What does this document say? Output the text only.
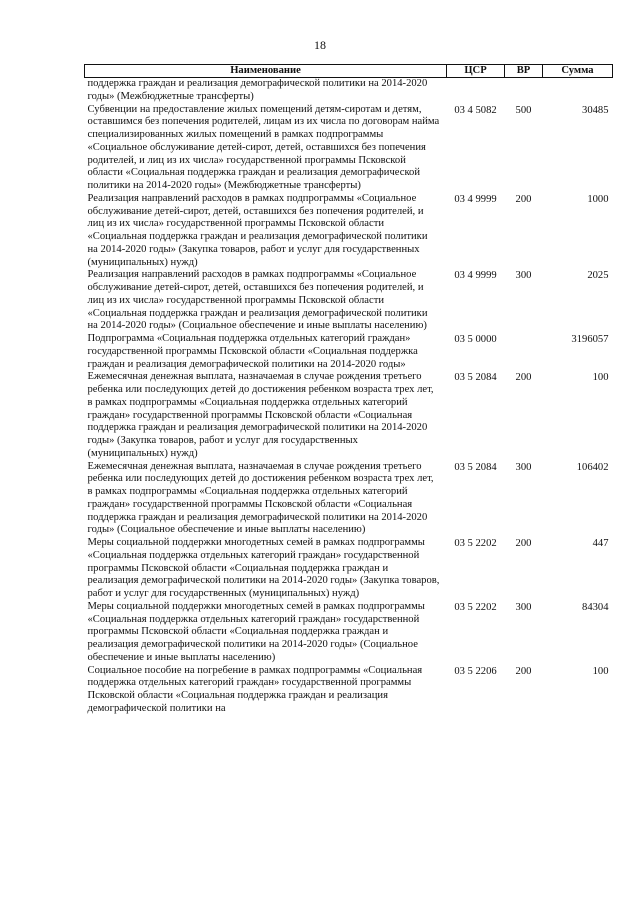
18
Наименование	ЦСР	ВР	Сумма
поддержка граждан и реализация демографической политики на 2014-2020 годы» (Межбюджетные трансферты)			
Субвенции на предоставление жилых помещений детям-сиротам и детям, оставшимся без попечения родителей, лицам из их числа по договорам найма специализированных жилых помещений в рамках подпрограммы «Социальное обслуживание детей-сирот, детей, оставшихся без попечения родителей, и лиц из их числа» государственной программы Псковской области «Социальная поддержка граждан и реализация демографической политики на 2014-2020 годы» (Межбюджетные трансферты)	03 4 5082	500	30485
Реализация направлений расходов в рамках подпрограммы «Социальное обслуживание детей-сирот, детей, оставшихся без попечения родителей, и лиц из их числа» государственной программы Псковской области «Социальная поддержка граждан и реализация демографической политики на 2014-2020 годы» (Закупка товаров, работ и услуг для государственных (муниципальных) нужд)	03 4 9999	200	1000
Реализация направлений расходов в рамках подпрограммы «Социальное обслуживание детей-сирот, детей, оставшихся без попечения родителей, и лиц из их числа» государственной программы Псковской области «Социальная поддержка граждан и реализация демографической политики на 2014-2020 годы» (Социальное обеспечение и иные выплаты населению)	03 4 9999	300	2025
Подпрограмма «Социальная поддержка отдельных категорий граждан» государственной программы Псковской области «Социальная поддержка граждан и реализация демографической политики на 2014-2020 годы»	03 5 0000		3196057
Ежемесячная денежная выплата, назначаемая в случае рождения третьего ребенка или последующих детей до достижения ребенком возраста трех лет, в рамках подпрограммы «Социальная поддержка отдельных категорий граждан» государственной программы Псковской области «Социальная поддержка граждан и реализация демографической политики на 2014-2020 годы» (Закупка товаров, работ и услуг для государственных (муниципальных) нужд)	03 5 2084	200	100
Ежемесячная денежная выплата, назначаемая в случае рождения третьего ребенка или последующих детей до достижения ребенком возраста трех лет, в рамках подпрограммы «Социальная поддержка отдельных категорий граждан» государственной программы Псковской области «Социальная поддержка граждан и реализация демографической политики на 2014-2020 годы» (Социальное обеспечение и иные выплаты населению)	03 5 2084	300	106402
Меры социальной поддержки многодетных семей в рамках подпрограммы «Социальная поддержка отдельных категорий граждан» государственной программы Псковской области «Социальная поддержка граждан и реализация демографической политики на 2014-2020 годы» (Закупка товаров, работ и услуг для государственных (муниципальных) нужд)	03 5 2202	200	447
Меры социальной поддержки многодетных семей в рамках подпрограммы «Социальная поддержка отдельных категорий граждан» государственной программы Псковской области «Социальная поддержка граждан и реализация демографической политики на 2014-2020 годы» (Социальное обеспечение и иные выплаты населению)	03 5 2202	300	84304
Социальное пособие на погребение в рамках подпрограммы «Социальная поддержка отдельных категорий граждан» государственной программы Псковской области «Социальная поддержка граждан и реализация демографической политики на	03 5 2206	200	100
